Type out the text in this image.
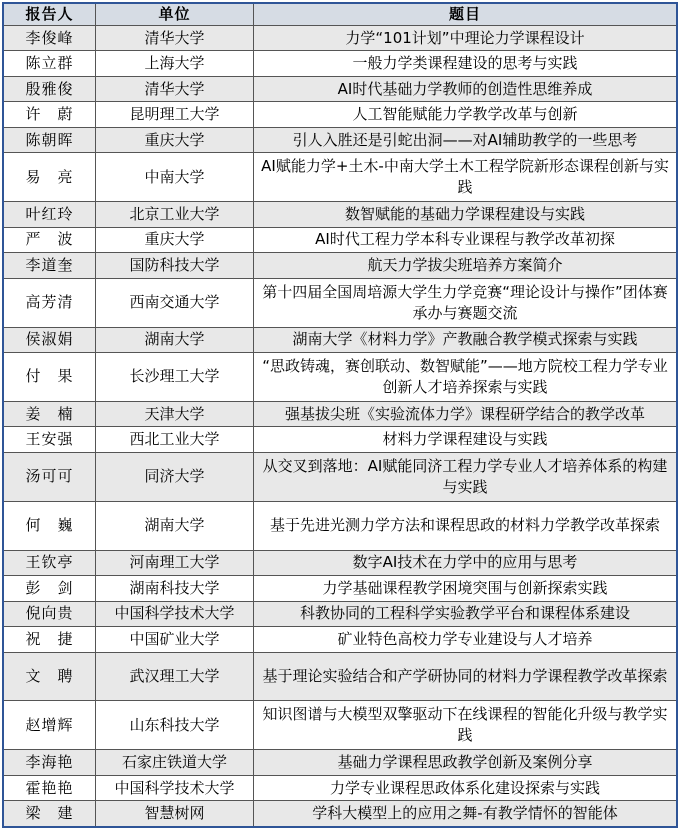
报告人	单位	题目
李俊峰	清华大学	力学“101计划”中理论力学课程设计
陈立群	上海大学	一般力学类课程建设的思考与实践
殷雅俊	清华大学	AI时代基础力学教师的创造性思维养成
许　蔚	昆明理工大学	人工智能赋能力学教学改革与创新
陈朝晖	重庆大学	引人入胜还是引蛇出洞——对AI辅助教学的一些思考
易　亮	中南大学	AI赋能力学+土木-中南大学土木工程学院新形态课程创新与实践
叶红玲	北京工业大学	数智赋能的基础力学课程建设与实践
严　波	重庆大学	AI时代工程力学本科专业课程与教学改革初探
李道奎	国防科技大学	航天力学拔尖班培养方案简介
高芳清	西南交通大学	第十四届全国周培源大学生力学竞赛“理论设计与操作”团体赛承办与赛题交流
侯淑娟	湖南大学	湖南大学《材料力学》产教融合教学模式探索与实践
付　果	长沙理工大学	“思政铸魂，赛创联动、数智赋能”——地方院校工程力学专业创新人才培养探索与实践
姜　楠	天津大学	强基拔尖班《实验流体力学》课程研学结合的教学改革
王安强	西北工业大学	材料力学课程建设与实践
汤可可	同济大学	从交叉到落地：AI赋能同济工程力学专业人才培养体系的构建与实践
何　巍	湖南大学	基于先进光测力学方法和课程思政的材料力学教学改革探索
王钦亭	河南理工大学	数字AI技术在力学中的应用与思考
彭　剑	湖南科技大学	力学基础课程教学困境突围与创新探索实践
倪向贵	中国科学技术大学	科教协同的工程科学实验教学平台和课程体系建设
祝　捷	中国矿业大学	矿业特色高校力学专业建设与人才培养
文　聘	武汉理工大学	基于理论实验结合和产学研协同的材料力学课程教学改革探索
赵增辉	山东科技大学	知识图谱与大模型双擎驱动下在线课程的智能化升级与教学实践
李海艳	石家庄铁道大学	基础力学课程思政教学创新及案例分享
霍艳艳	中国科学技术大学	力学专业课程思政体系化建设探索与实践
梁　建	智慧树网	学科大模型上的应用之舞-有教学情怀的智能体
